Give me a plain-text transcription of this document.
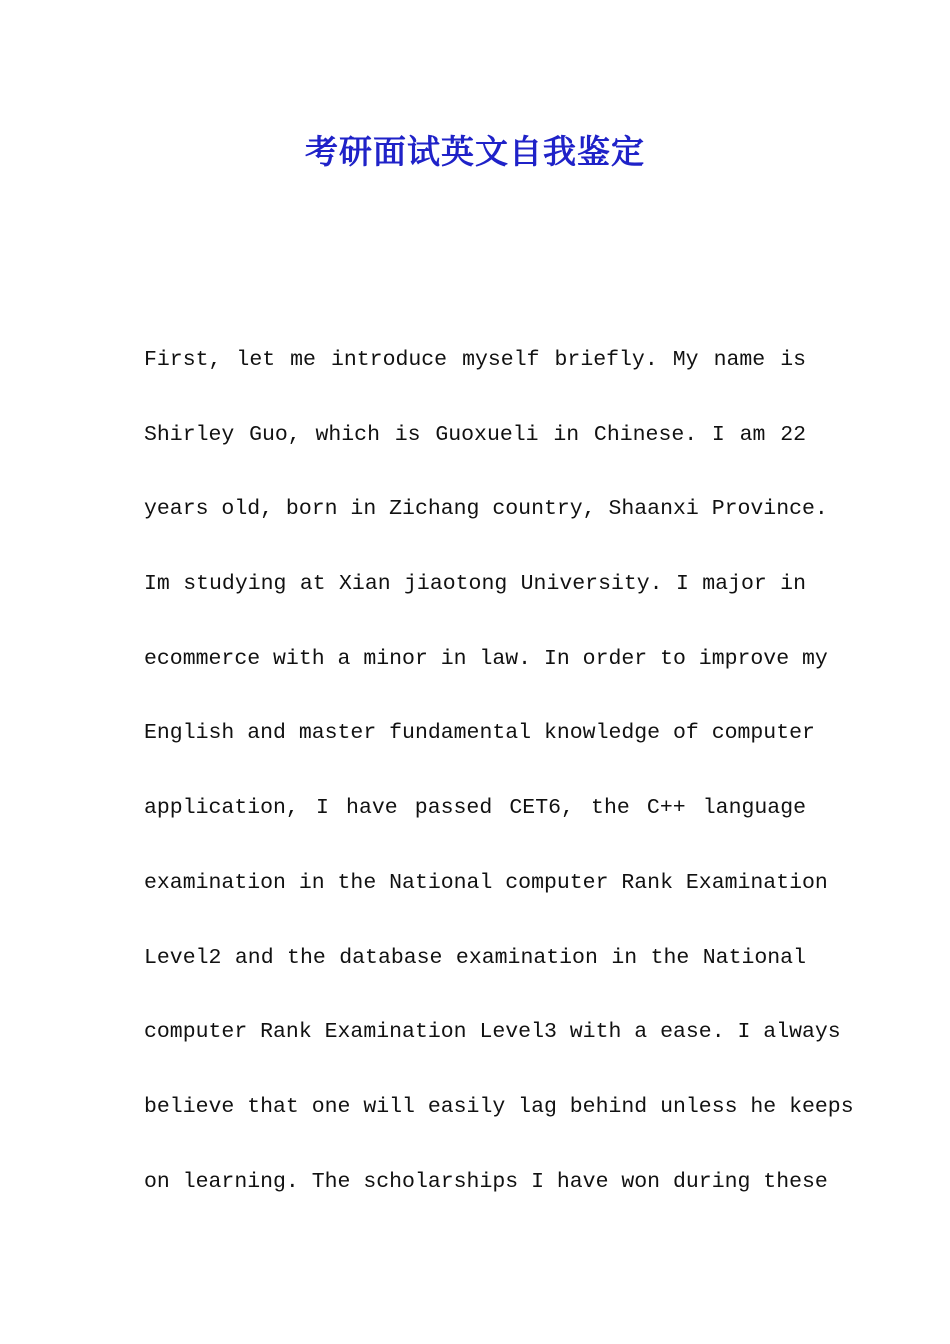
考研面试英文自我鉴定
First, let me introduce myself briefly. My name is
Shirley Guo, which is Guoxueli in Chinese. I am 22
years old, born in Zichang country, Shaanxi Province.
Im studying at Xian jiaotong University. I major in
ecommerce with a minor in law. In order to improve my
English and master fundamental knowledge of computer
application, I have passed CET6, the C++ language
examination in the National computer Rank Examination
Level2 and the database examination in the National
computer Rank Examination Level3 with a ease. I always
believe that one will easily lag behind unless he keeps
on learning. The scholarships I have won during these
